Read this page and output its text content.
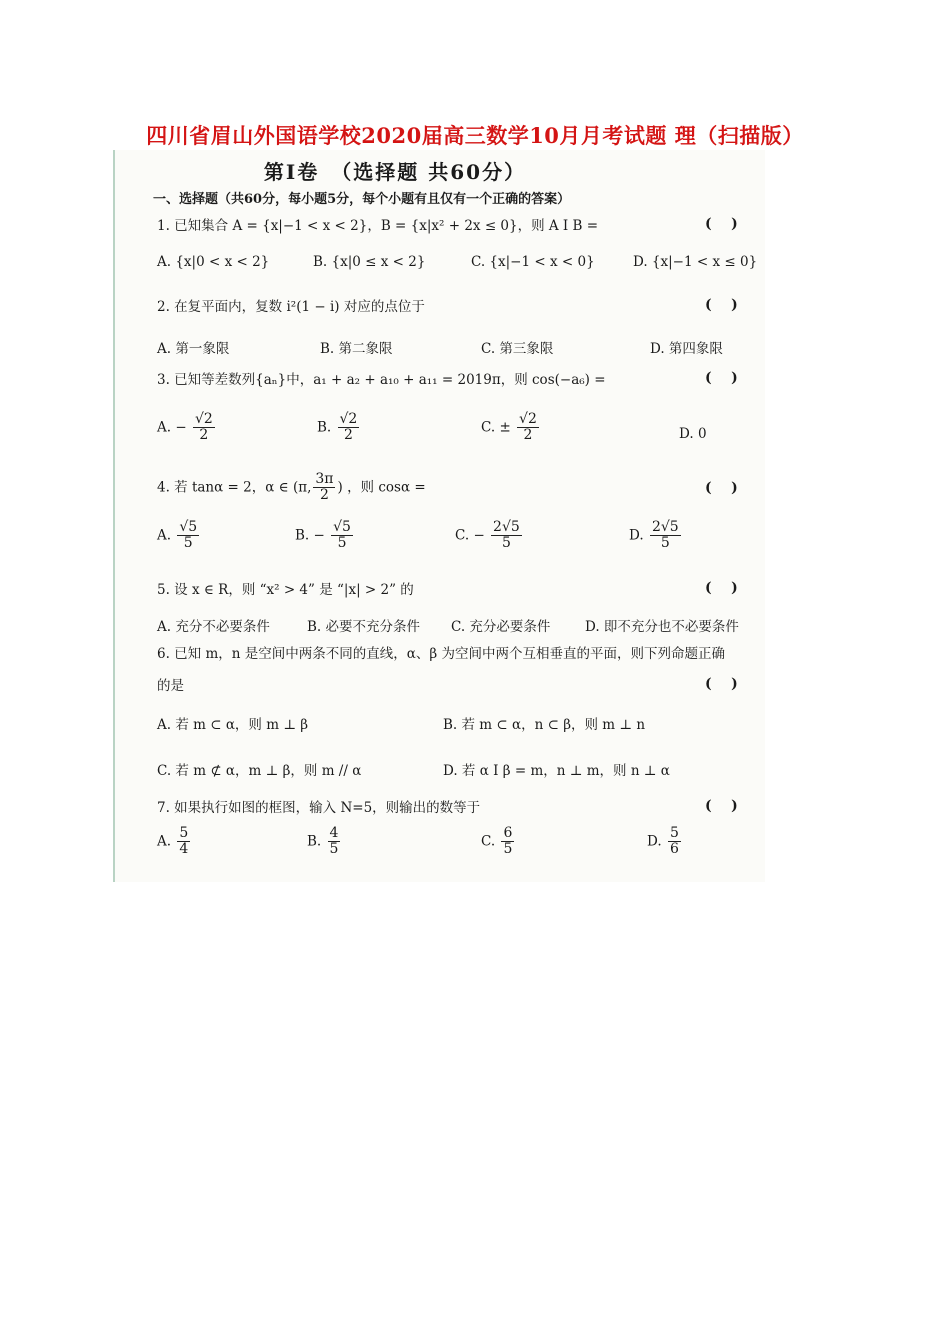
四川省眉山外国语学校2020届高三数学10月月考试题 理（扫描版）
第Ⅰ卷　（选择题 共60分）
一、选择题（共60分，每小题5分，每个小题有且仅有一个正确的答案）
1. 已知集合 A = {x|−1 < x < 2}，B = {x|x² + 2x ≤ 0}，则 A I B =	(    )
A. {x|0 < x < 2}	B. {x|0 ≤ x < 2}	C. {x|−1 < x < 0}	D. {x|−1 < x ≤ 0}
2. 在复平面内，复数 i²(1 − i) 对应的点位于	(    )
A. 第一象限	B. 第二象限	C. 第三象限	D. 第四象限
3. 已知等差数列{aₙ}中，a₁ + a₂ + a₁₀ + a₁₁ = 2019π，则 cos(−a₆) =	(    )
A. − $\frac{√2}{2}$	B. $\frac{√2}{2}$	C. ± $\frac{√2}{2}$	D. 0
4. 若 tanα = 2，α ∈ (π, $\frac{3\pi}{2}$ ) ，则 cosα =	(    )
A. $\frac{√5}{5}$	B. − $\frac{√5}{5}$	C. − $\frac{2√5}{5}$	D. $\frac{2√5}{5}$
5. 设 x ∈ R，则 “x² > 4” 是 “|x| > 2” 的	(    )
A. 充分不必要条件	B. 必要不充分条件 C. 充分必要条件	D. 即不充分也不必要条件
6. 已知 m，n 是空间中两条不同的直线，α、β 为空间中两个互相垂直的平面，则下列命题正确
的是	(    )
A. 若 m ⊂ α，则 m ⊥ β	B. 若 m ⊂ α，n ⊂ β，则 m ⊥ n
C. 若 m ⊄ α，m ⊥ β，则 m // α	D. 若 α I β = m，n ⊥ m，则 n ⊥ α
7. 如果执行如图的框图，输入 N=5，则输出的数等于	(    )
A. $\frac{5}{4}$	B. $\frac{4}{5}$	C. $\frac{6}{5}$	D. $\frac{5}{6}$
